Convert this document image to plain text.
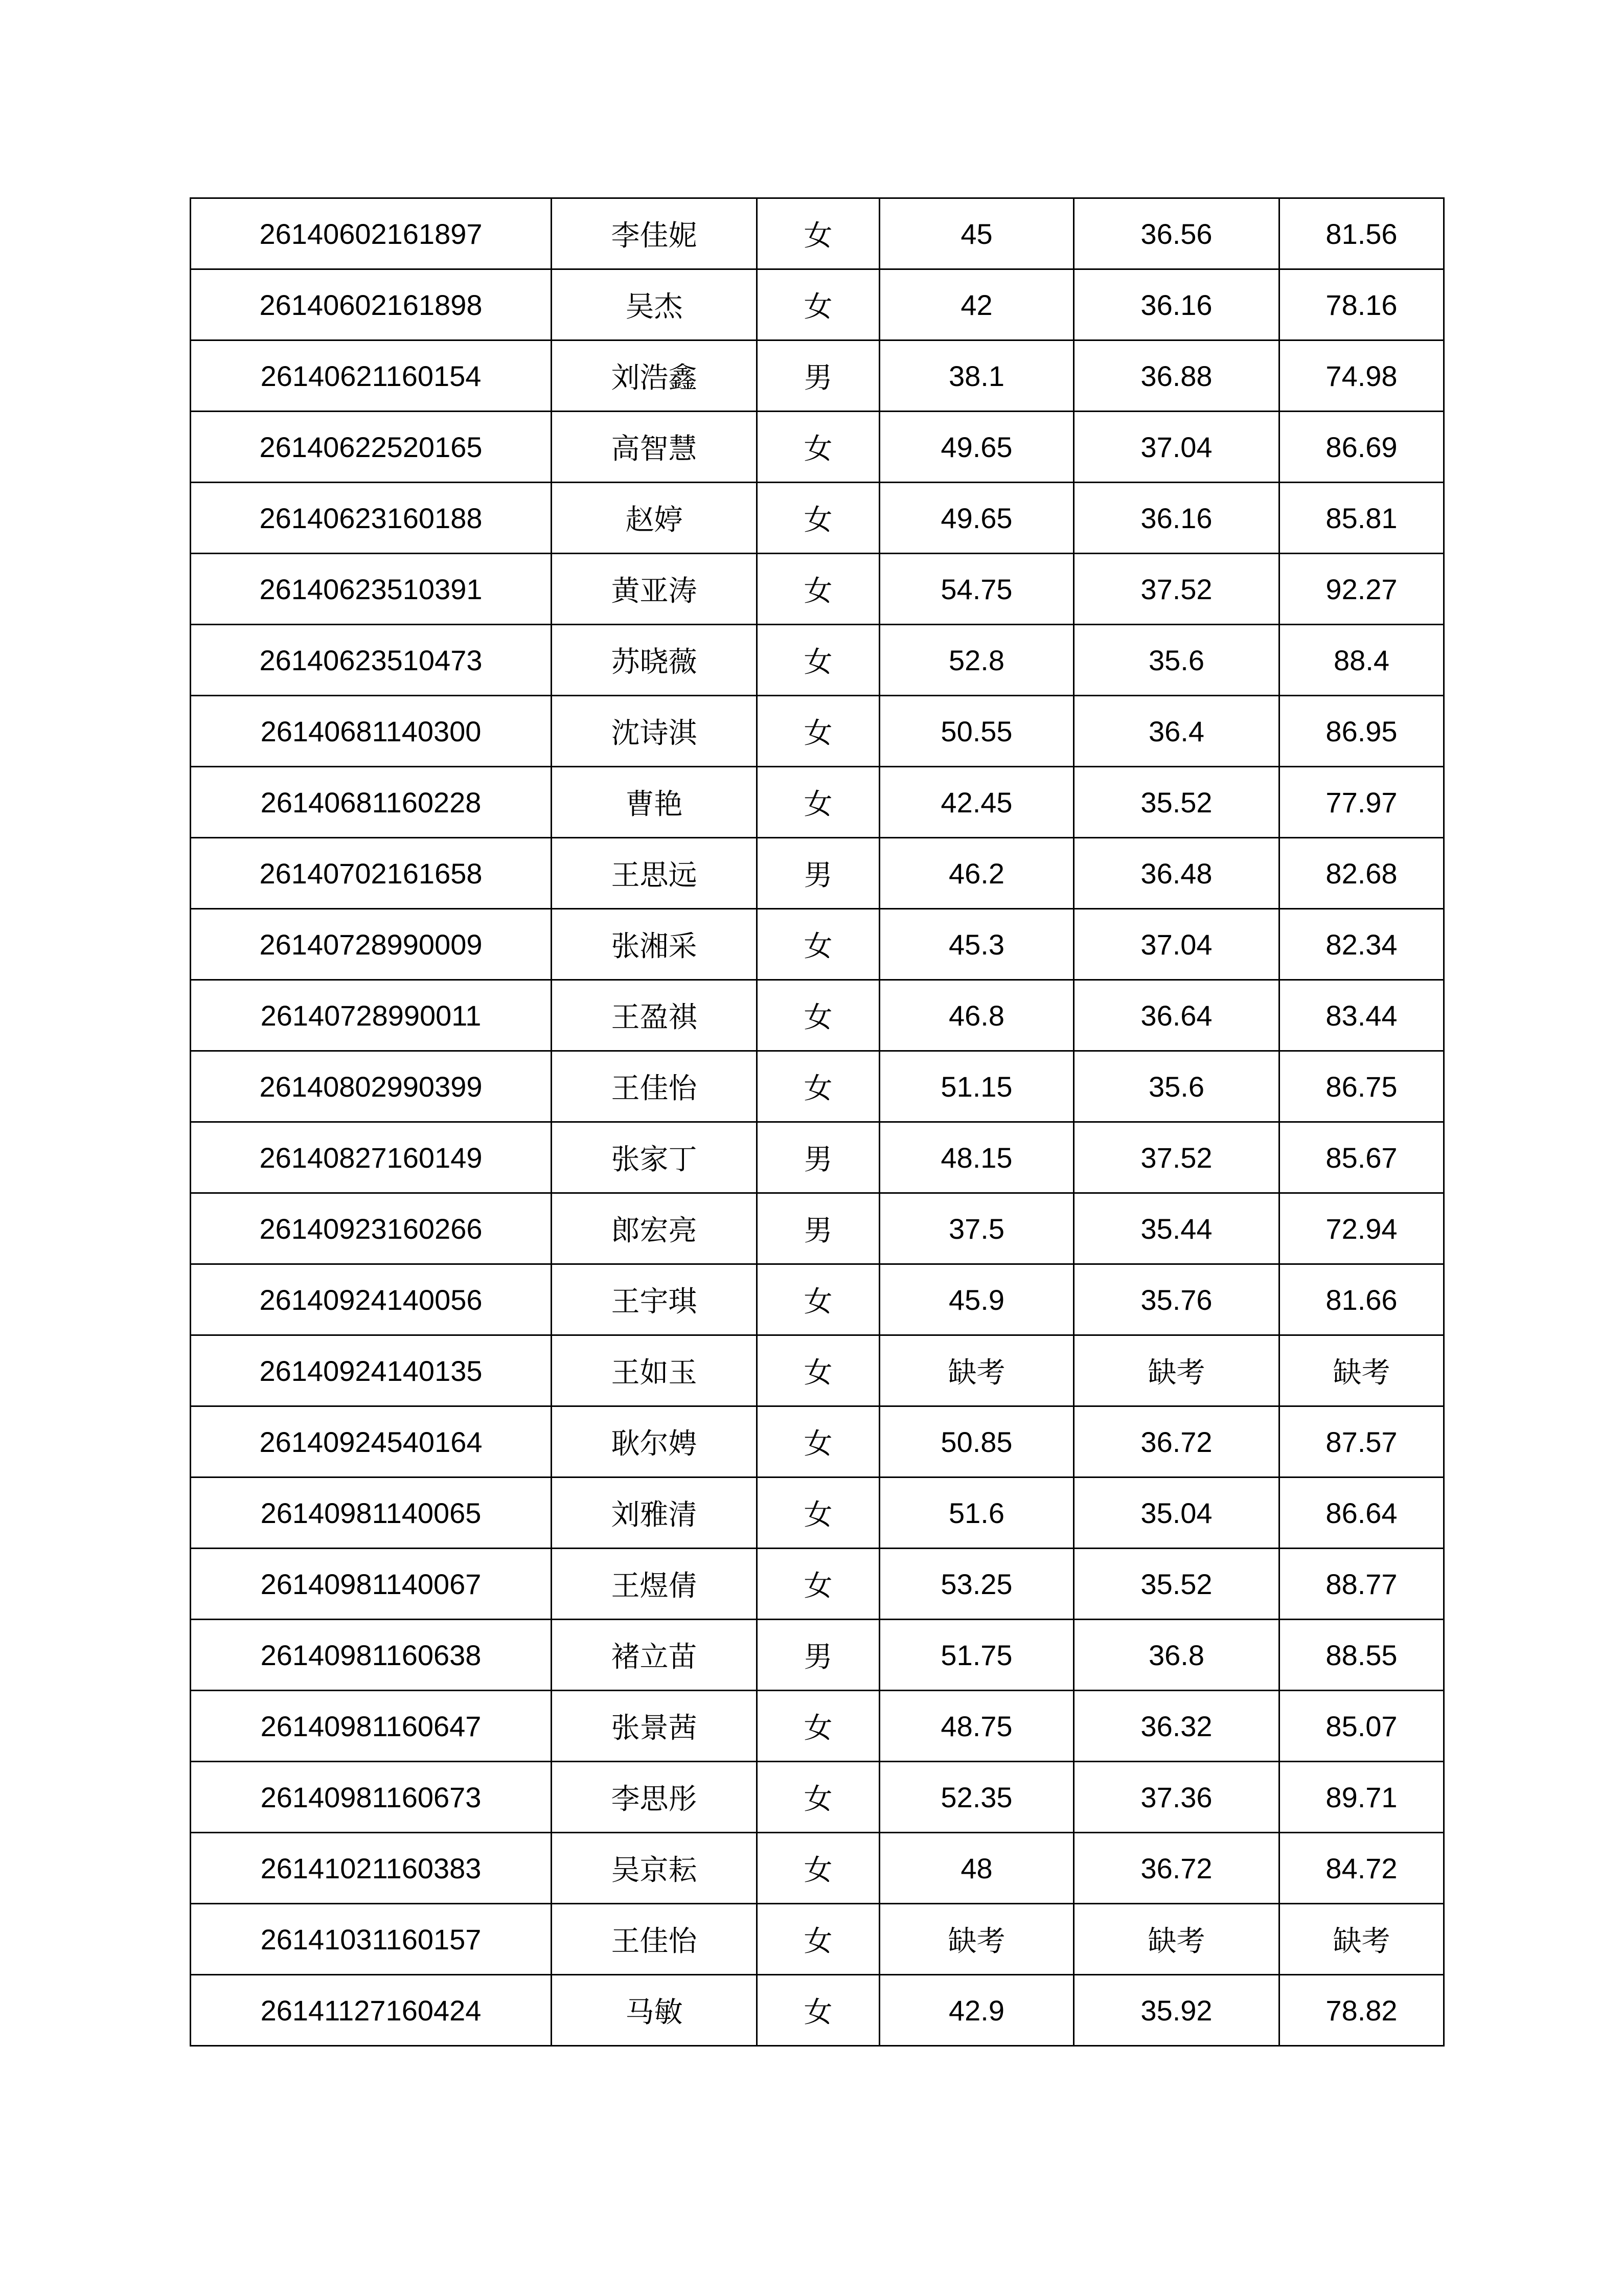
26140602161897	李佳妮	女	45	36.56	81.56
26140602161898	吴杰	女	42	36.16	78.16
26140621160154	刘浩鑫	男	38.1	36.88	74.98
26140622520165	高智慧	女	49.65	37.04	86.69
26140623160188	赵婷	女	49.65	36.16	85.81
26140623510391	黄亚涛	女	54.75	37.52	92.27
26140623510473	苏晓薇	女	52.8	35.6	88.4
26140681140300	沈诗淇	女	50.55	36.4	86.95
26140681160228	曹艳	女	42.45	35.52	77.97
26140702161658	王思远	男	46.2	36.48	82.68
26140728990009	张湘采	女	45.3	37.04	82.34
26140728990011	王盈祺	女	46.8	36.64	83.44
26140802990399	王佳怡	女	51.15	35.6	86.75
26140827160149	张家丁	男	48.15	37.52	85.67
26140923160266	郎宏亮	男	37.5	35.44	72.94
26140924140056	王宇琪	女	45.9	35.76	81.66
26140924140135	王如玉	女	缺考	缺考	缺考
26140924540164	耿尔娉	女	50.85	36.72	87.57
26140981140065	刘雅清	女	51.6	35.04	86.64
26140981140067	王煜倩	女	53.25	35.52	88.77
26140981160638	褚立苗	男	51.75	36.8	88.55
26140981160647	张景茜	女	48.75	36.32	85.07
26140981160673	李思彤	女	52.35	37.36	89.71
26141021160383	吴京耘	女	48	36.72	84.72
26141031160157	王佳怡	女	缺考	缺考	缺考
26141127160424	马敏	女	42.9	35.92	78.82
